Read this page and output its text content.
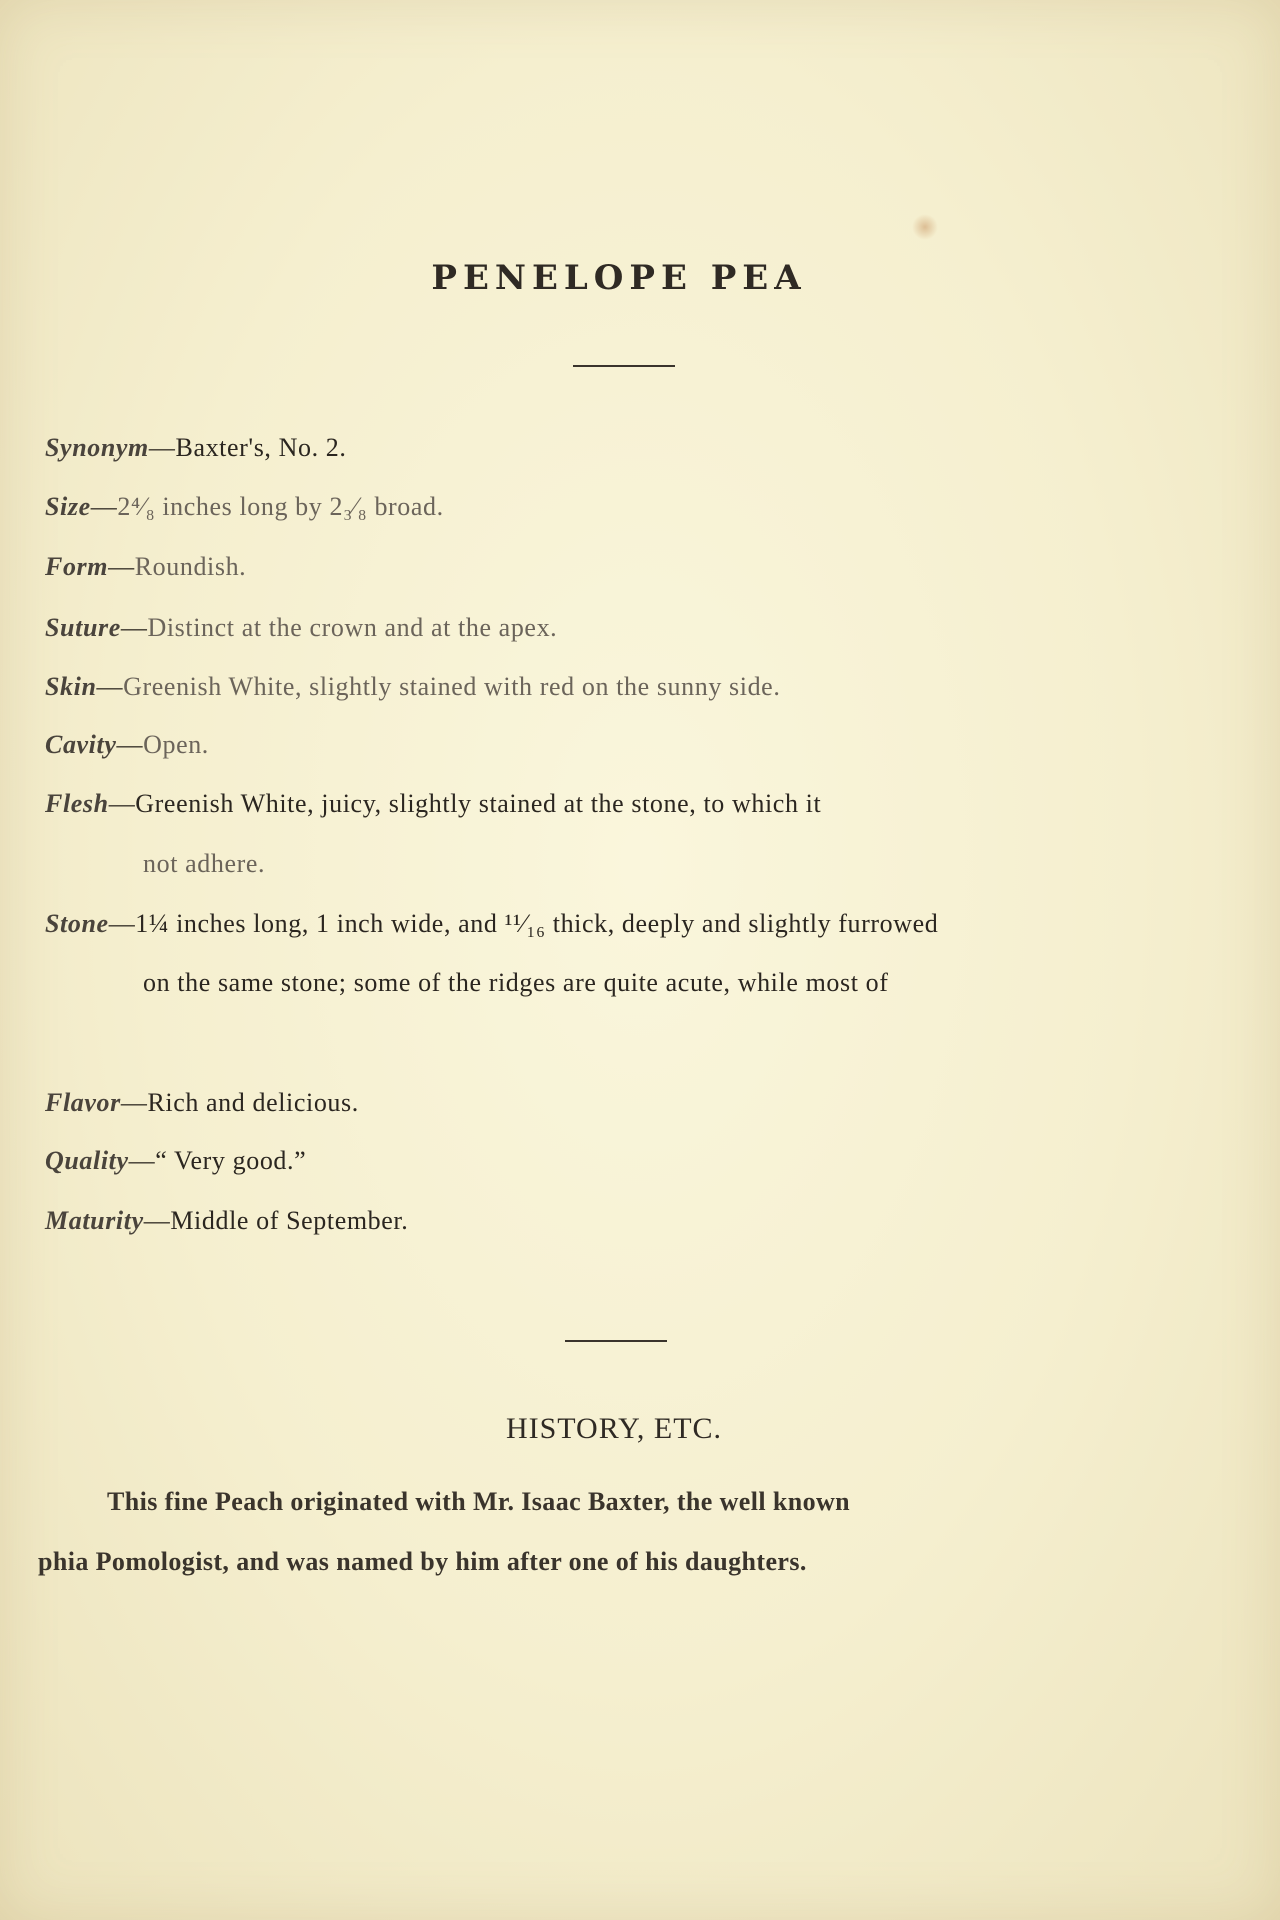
PENELOPE PEA
Synonym—Baxter's, No. 2.
Size—2⁴⁄₈ inches long by 2₃⁄₈ broad.
Form—Roundish.
Suture—Distinct at the crown and at the apex.
Skin—Greenish White, slightly stained with red on the sunny side.
Cavity—Open.
Flesh—Greenish White, juicy, slightly stained at the stone, to which it
not adhere.
Stone—1¼ inches long, 1 inch wide, and ¹¹⁄₁₆ thick, deeply and slightly furrowed
on the same stone; some of the ridges are quite acute, while most of
Flavor—Rich and delicious.
Quality—“ Very good.”
Maturity—Middle of September.
HISTORY, ETC.
This fine Peach originated with Mr. Isaac Baxter, the well known
phia Pomologist, and was named by him after one of his daughters.
